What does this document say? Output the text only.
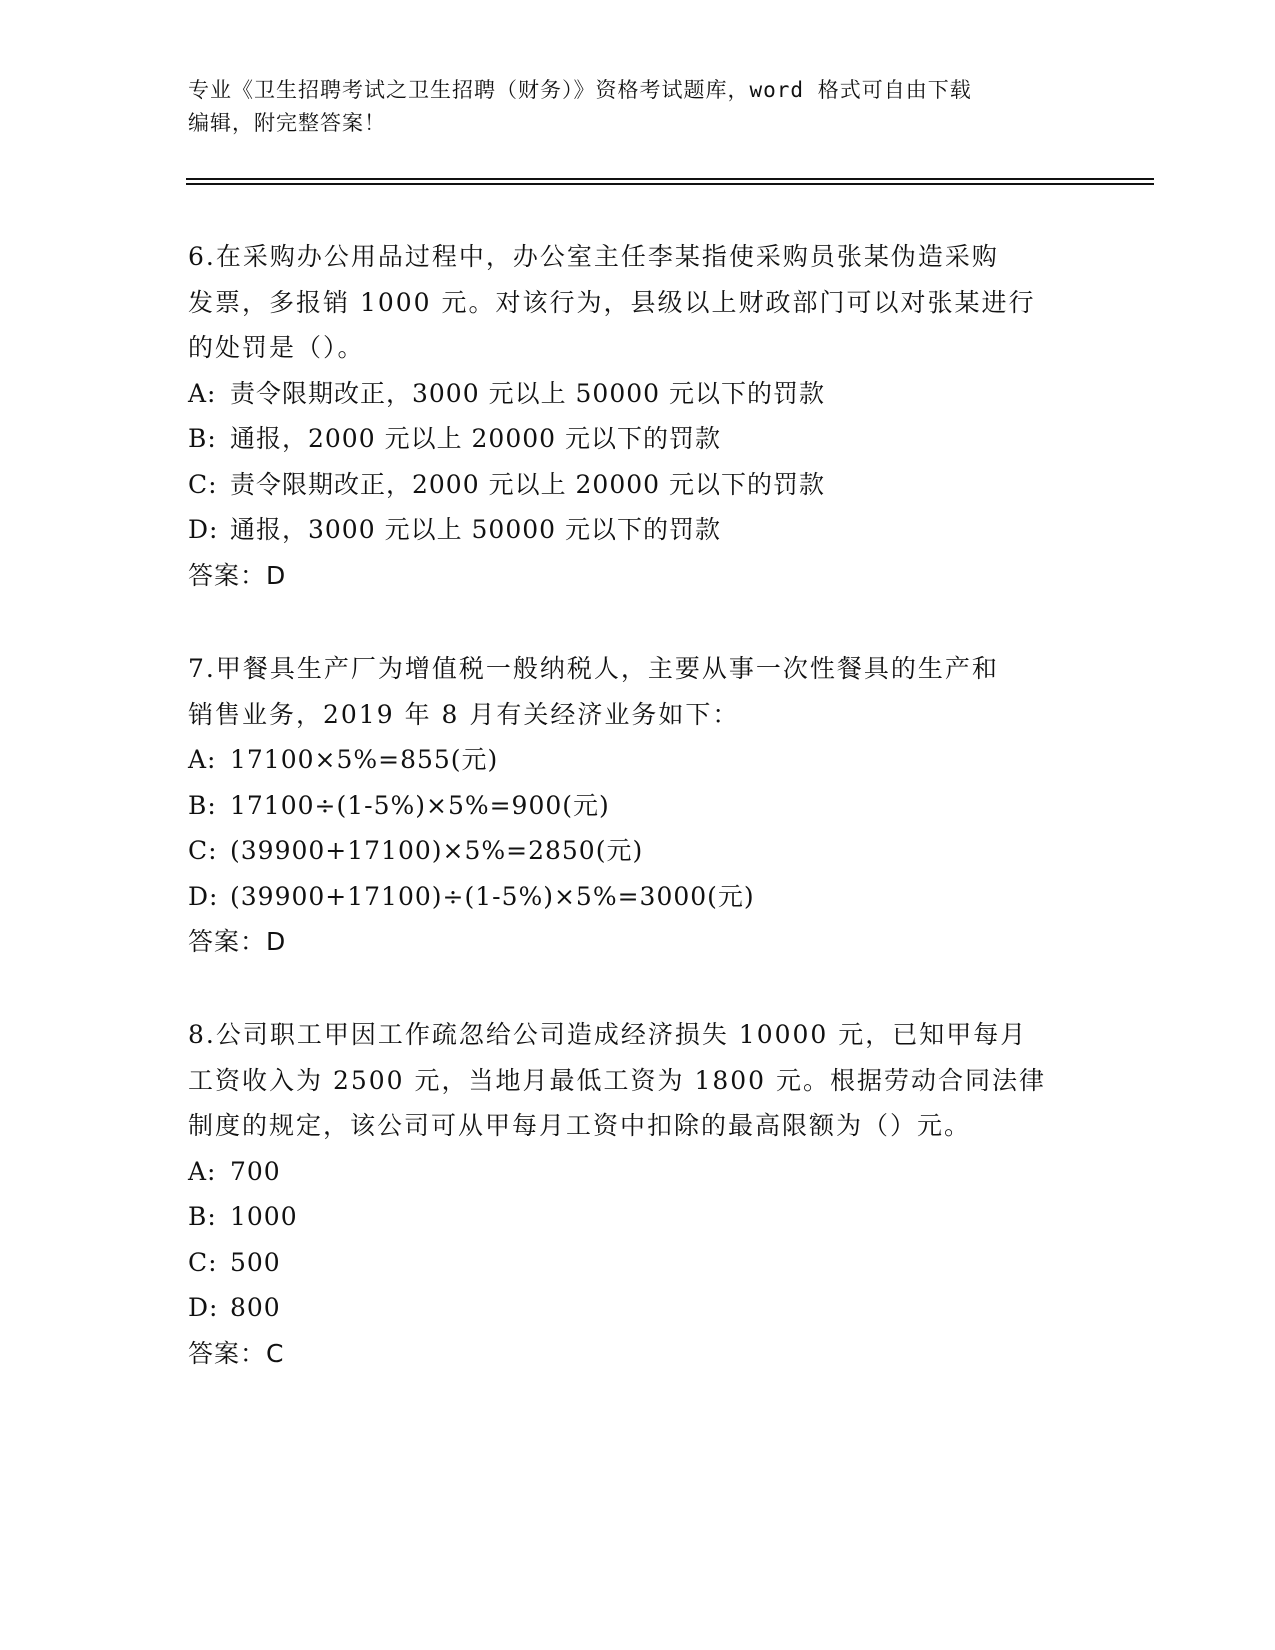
专业《卫生招聘考试之卫生招聘（财务）》资格考试题库，word 格式可自由下载
编辑，附完整答案！
6.在采购办公用品过程中，办公室主任李某指使采购员张某伪造采购
发票，多报销 1000 元。对该行为，县级以上财政部门可以对张某进行
的处罚是（）。
A: 责令限期改正，3000 元以上 50000 元以下的罚款
B: 通报，2000 元以上 20000 元以下的罚款
C: 责令限期改正，2000 元以上 20000 元以下的罚款
D: 通报，3000 元以上 50000 元以下的罚款
答案：D
7.甲餐具生产厂为增值税一般纳税人，主要从事一次性餐具的生产和
销售业务，2019 年 8 月有关经济业务如下：
A: 17100×5%=855(元)
B: 17100÷(1-5%)×5%=900(元)
C: (39900+17100)×5%=2850(元)
D: (39900+17100)÷(1-5%)×5%=3000(元)
答案：D
8.公司职工甲因工作疏忽给公司造成经济损失 10000 元，已知甲每月
工资收入为 2500 元，当地月最低工资为 1800 元。根据劳动合同法律
制度的规定，该公司可从甲每月工资中扣除的最高限额为（）元。
A: 700
B: 1000
C: 500
D: 800
答案：C
